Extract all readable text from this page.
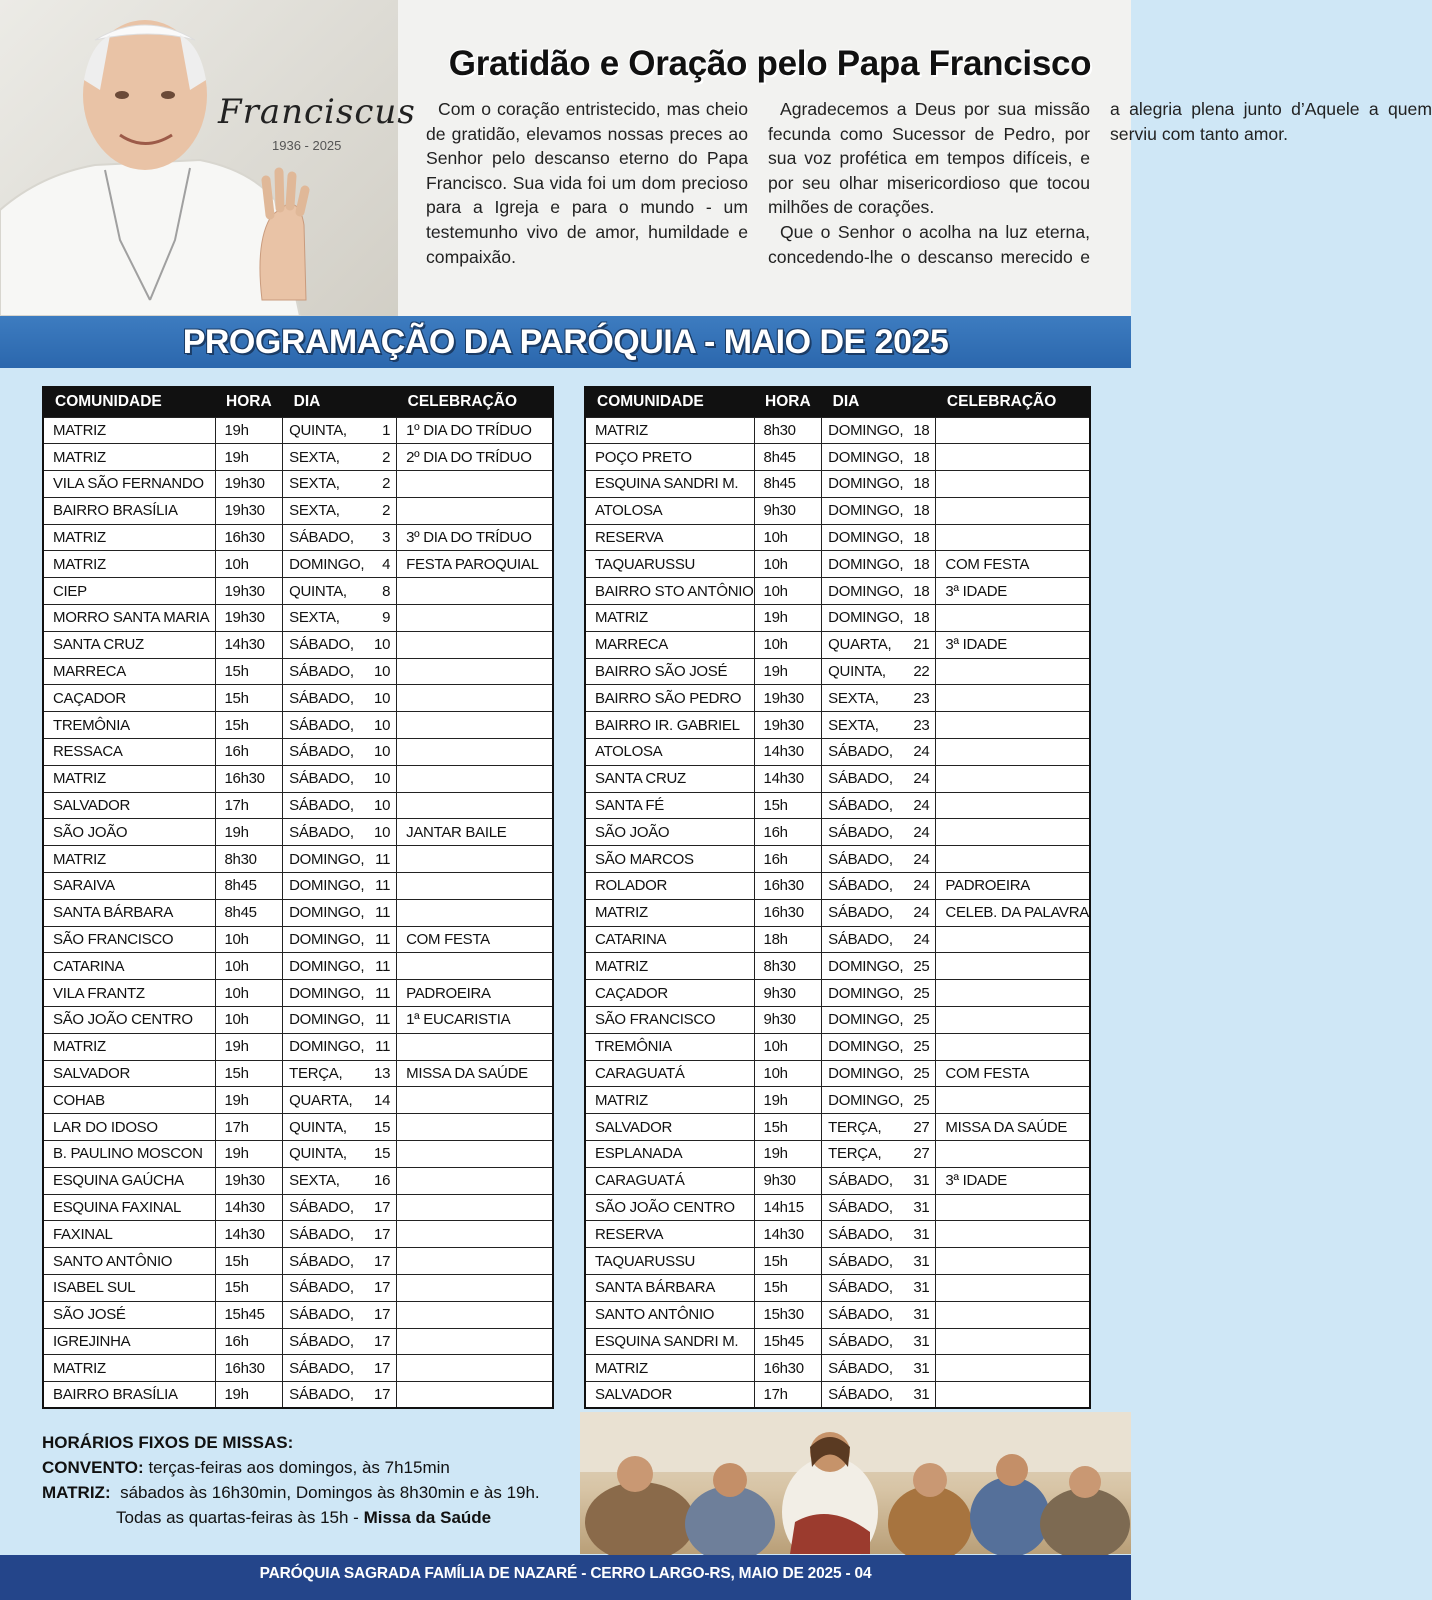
Franciscus
1936 - 2025
Gratidão e Oração pelo Papa Francisco

Com o coração entristecido, mas cheio de gratidão, elevamos nossas preces ao Senhor pelo descanso eterno do Papa Francisco. Sua vida foi um dom precioso para a Igreja e para o mundo - um testemunho vivo de amor, humildade e compaixão.

Agradecemos a Deus por sua missão fecunda como Sucessor de Pedro, por sua voz profética em tempos difíceis, e por seu olhar misericordioso que tocou milhões de corações.

Que o Senhor o acolha na luz eterna, concedendo-lhe o descanso merecido e a alegria plena junto d’Aquele a quem serviu com tanto amor.

PROGRAMAÇÃO DA PARÓQUIA - MAIO DE 2025
COMUNIDADE	HORA	DIA	CELEBRAÇÃO
MATRIZ	19h	QUINTA, 1	1º DIA DO TRÍDUO
MATRIZ	19h	SEXTA, 2	2º DIA DO TRÍDUO
VILA SÃO FERNANDO	19h30	SEXTA, 2	

BAIRRO BRASÍLIA	19h30	SEXTA, 2	

MATRIZ	16h30	SÁBADO, 3	3º DIA DO TRÍDUO
MATRIZ	10h	DOMINGO, 4	FESTA PAROQUIAL
CIEP	19h30	QUINTA, 8	

MORRO SANTA MARIA	19h30	SEXTA, 9	

SANTA CRUZ	14h30	SÁBADO, 10	

MARRECA	15h	SÁBADO, 10	

CAÇADOR	15h	SÁBADO, 10	

TREMÔNIA	15h	SÁBADO, 10	

RESSACA	16h	SÁBADO, 10	

MATRIZ	16h30	SÁBADO, 10	

SALVADOR	17h	SÁBADO, 10	

SÃO JOÃO	19h	SÁBADO, 10	JANTAR BAILE
MATRIZ	8h30	DOMINGO, 11	

SARAIVA	8h45	DOMINGO, 11	

SANTA BÁRBARA	8h45	DOMINGO, 11	

SÃO FRANCISCO	10h	DOMINGO, 11	COM FESTA
CATARINA	10h	DOMINGO, 11	

VILA FRANTZ	10h	DOMINGO, 11	PADROEIRA
SÃO JOÃO CENTRO	10h	DOMINGO, 11	1ª EUCARISTIA
MATRIZ	19h	DOMINGO, 11	

SALVADOR	15h	TERÇA, 13	MISSA DA SAÚDE
COHAB	19h	QUARTA, 14	

LAR DO IDOSO	17h	QUINTA, 15	

B. PAULINO MOSCON	19h	QUINTA, 15	

ESQUINA GAÚCHA	19h30	SEXTA, 16	

ESQUINA FAXINAL	14h30	SÁBADO, 17	

FAXINAL	14h30	SÁBADO, 17	

SANTO ANTÔNIO	15h	SÁBADO, 17	

ISABEL SUL	15h	SÁBADO, 17	

SÃO JOSÉ	15h45	SÁBADO, 17	

IGREJINHA	16h	SÁBADO, 17	

MATRIZ	16h30	SÁBADO, 17	

BAIRRO BRASÍLIA	19h	SÁBADO, 17	

COMUNIDADE	HORA	DIA	CELEBRAÇÃO
MATRIZ	8h30	DOMINGO, 18	

POÇO PRETO	8h45	DOMINGO, 18	

ESQUINA SANDRI M.	8h45	DOMINGO, 18	

ATOLOSA	9h30	DOMINGO, 18	

RESERVA	10h	DOMINGO, 18	

TAQUARUSSU	10h	DOMINGO, 18	COM FESTA
BAIRRO STO ANTÔNIO	10h	DOMINGO, 18	3ª IDADE
MATRIZ	19h	DOMINGO, 18	

MARRECA	10h	QUARTA, 21	3ª IDADE
BAIRRO SÃO JOSÉ	19h	QUINTA, 22	

BAIRRO SÃO PEDRO	19h30	SEXTA, 23	

BAIRRO IR. GABRIEL	19h30	SEXTA, 23	

ATOLOSA	14h30	SÁBADO, 24	

SANTA CRUZ	14h30	SÁBADO, 24	

SANTA FÉ	15h	SÁBADO, 24	

SÃO JOÃO	16h	SÁBADO, 24	

SÃO MARCOS	16h	SÁBADO, 24	

ROLADOR	16h30	SÁBADO, 24	PADROEIRA
MATRIZ	16h30	SÁBADO, 24	CELEB. DA PALAVRA
CATARINA	18h	SÁBADO, 24	

MATRIZ	8h30	DOMINGO, 25	

CAÇADOR	9h30	DOMINGO, 25	

SÃO FRANCISCO	9h30	DOMINGO, 25	

TREMÔNIA	10h	DOMINGO, 25	

CARAGUATÁ	10h	DOMINGO, 25	COM FESTA
MATRIZ	19h	DOMINGO, 25	

SALVADOR	15h	TERÇA, 27	MISSA DA SAÚDE
ESPLANADA	19h	TERÇA, 27	

CARAGUATÁ	9h30	SÁBADO, 31	3ª IDADE
SÃO JOÃO CENTRO	14h15	SÁBADO, 31	

RESERVA	14h30	SÁBADO, 31	

TAQUARUSSU	15h	SÁBADO, 31	

SANTA BÁRBARA	15h	SÁBADO, 31	

SANTO ANTÔNIO	15h30	SÁBADO, 31	

ESQUINA SANDRI M.	15h45	SÁBADO, 31	

MATRIZ	16h30	SÁBADO, 31	

SALVADOR	17h	SÁBADO, 31	

HORÁRIOS FIXOS DE MISSAS:
CONVENTO: terças-feiras aos domingos, às 7h15min
MATRIZ: sábados às 16h30min, Domingos às 8h30min e às 19h.
Todas as quartas-feiras às 15h - Missa da Saúde
PARÓQUIA SAGRADA FAMÍLIA DE NAZARÉ - CERRO LARGO-RS, MAIO DE 2025 - 04
